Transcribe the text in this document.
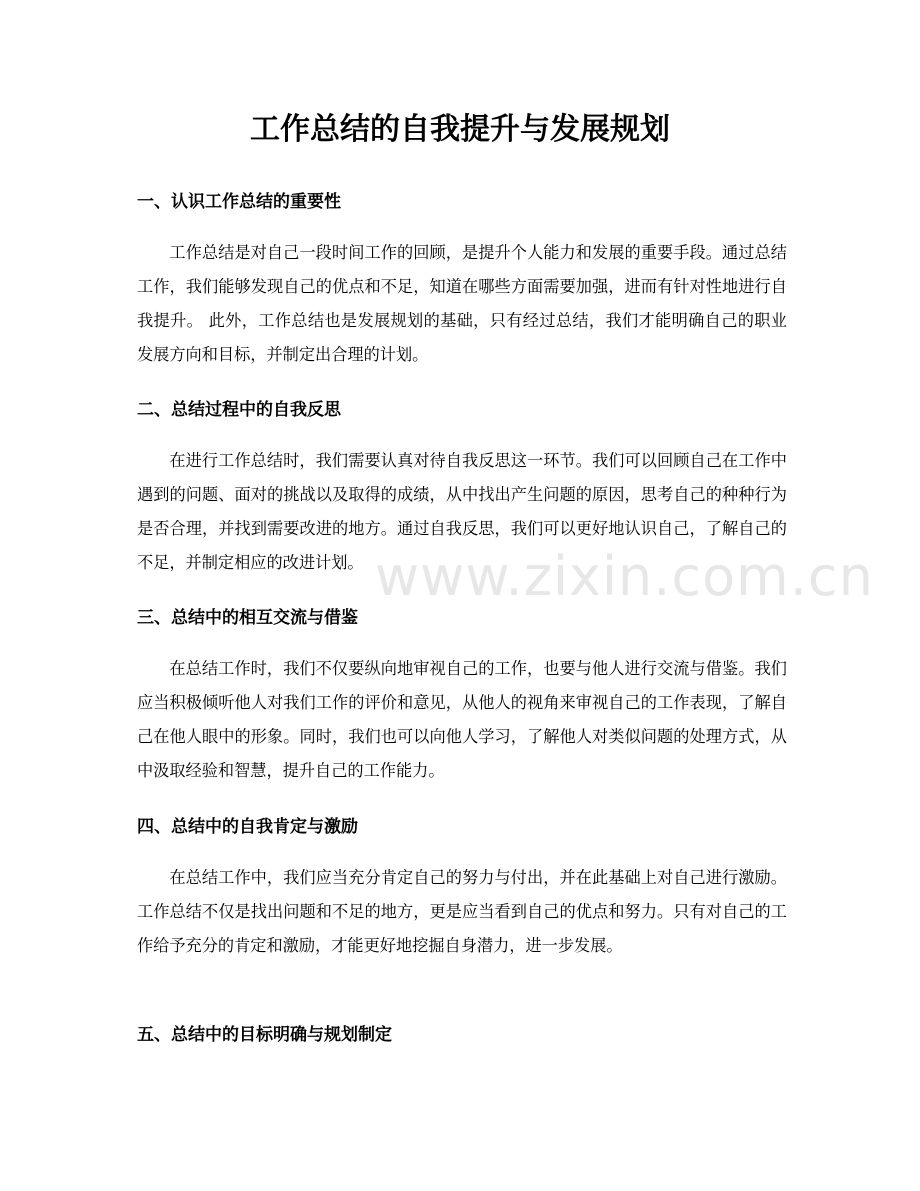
工作总结的自我提升与发展规划
一、认识工作总结的重要性

工作总结是对自己一段时间工作的回顾，是提升个人能力和发展的重要手段。通过总结工作，我们能够发现自己的优点和不足，知道在哪些方面需要加强，进而有针对性地进行自我提升。 此外，工作总结也是发展规划的基础，只有经过总结，我们才能明确自己的职业发展方向和目标，并制定出合理的计划。

二、总结过程中的自我反思

在进行工作总结时，我们需要认真对待自我反思这一环节。我们可以回顾自己在工作中遇到的问题、面对的挑战以及取得的成绩，从中找出产生问题的原因，思考自己的种种行为是否合理，并找到需要改进的地方。通过自我反思，我们可以更好地认识自己，了解自己的不足，并制定相应的改进计划。

三、总结中的相互交流与借鉴

在总结工作时，我们不仅要纵向地审视自己的工作，也要与他人进行交流与借鉴。我们应当积极倾听他人对我们工作的评价和意见，从他人的视角来审视自己的工作表现，了解自己在他人眼中的形象。同时，我们也可以向他人学习，了解他人对类似问题的处理方式，从中汲取经验和智慧，提升自己的工作能力。

四、总结中的自我肯定与激励

在总结工作中，我们应当充分肯定自己的努力与付出，并在此基础上对自己进行激励。工作总结不仅是找出问题和不足的地方，更是应当看到自己的优点和努力。只有对自己的工作给予充分的肯定和激励，才能更好地挖掘自身潜力，进一步发展。

五、总结中的目标明确与规划制定
www.zixin.com.cn
